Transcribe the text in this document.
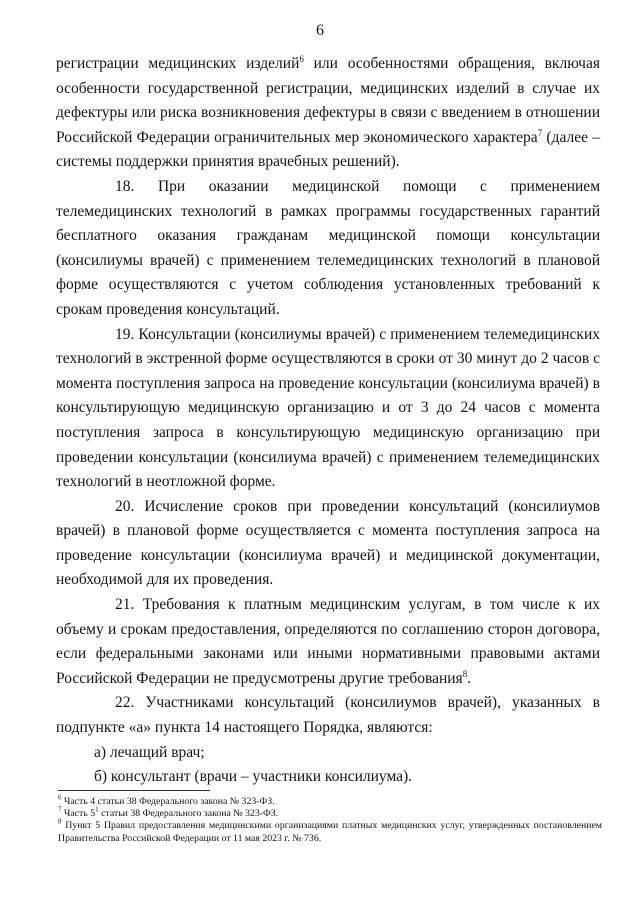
6

регистрации медицинских изделий$^6$ или особенностями обращения, включая особенности государственной регистрации, медицинских изделий в случае их дефектуры или риска возникновения дефектуры в связи с введением в отношении Российской Федерации ограничительных мер экономического характера$^7$ (далее – системы поддержки принятия врачебных решений).

18. При оказании медицинской помощи с применением телемедицинских технологий в рамках программы государственных гарантий бесплатного оказания гражданам медицинской помощи консультации (консилиумы врачей) с применением телемедицинских технологий в плановой форме осуществляются с учетом соблюдения установленных требований к срокам проведения консультаций.

19. Консультации (консилиумы врачей) с применением телемедицинских технологий в экстренной форме осуществляются в сроки от 30 минут до 2 часов с момента поступления запроса на проведение консультации (консилиума врачей) в консультирующую медицинскую организацию и от 3 до 24 часов с момента поступления запроса в консультирующую медицинскую организацию при проведении консультации (консилиума врачей) с применением телемедицинских технологий в неотложной форме.

20. Исчисление сроков при проведении консультаций (консилиумов врачей) в плановой форме осуществляется с момента поступления запроса на проведение консультации (консилиума врачей) и медицинской документации, необходимой для их проведения.

21. Требования к платным медицинским услугам, в том числе к их объему и срокам предоставления, определяются по соглашению сторон договора, если федеральными законами или иными нормативными правовыми актами Российской Федерации не предусмотрены другие требования$^8$.

22. Участниками консультаций (консилиумов врачей), указанных в подпункте «а» пункта 14 настоящего Порядка, являются:

а) лечащий врач;

б) консультант (врачи – участники консилиума).

$^6$ Часть 4 статьи 38 Федерального закона № 323-ФЗ.

$^7$ Часть $5^1$ статьи 38 Федерального закона № 323-ФЗ.

$^8$ Пункт 5 Правил предоставления медицинскими организациями платных медицинских услуг, утвержденных постановлением Правительства Российской Федерации от 11 мая 2023 г. № 736.
